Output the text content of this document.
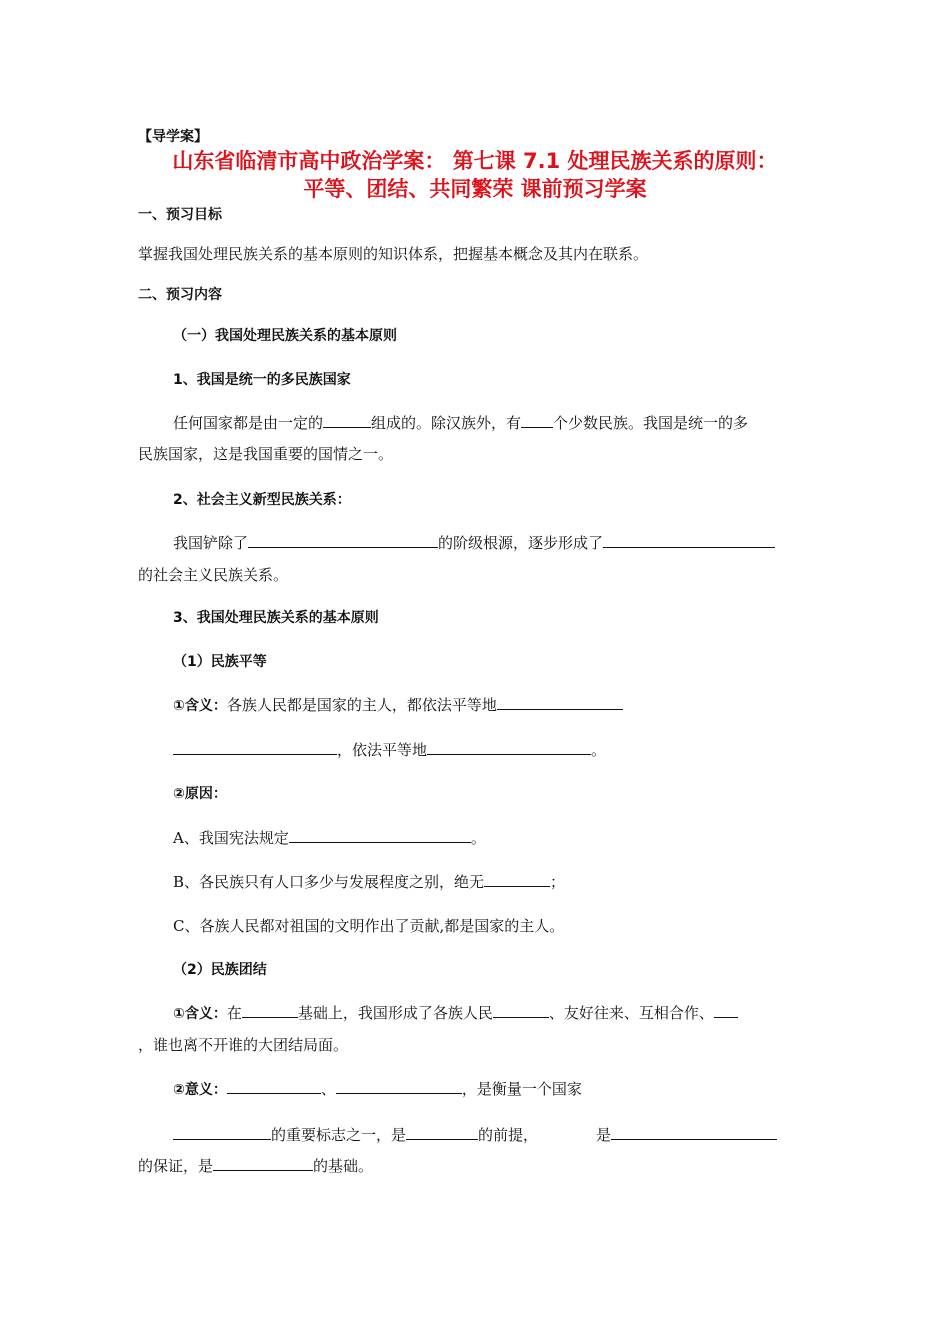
【导学案】
山东省临清市高中政治学案： 第七课 7.1 处理民族关系的原则：
平等、团结、共同繁荣 课前预习学案
一、预习目标
掌握我国处理民族关系的基本原则的知识体系，把握基本概念及其内在联系。
二、预习内容
（一）我国处理民族关系的基本原则
1、我国是统一的多民族国家
任何国家都是由一定的	组成的。除汉族外，有 个少数民族。我国是统一的多
民族国家，这是我国重要的国情之一。
2、社会主义新型民族关系：
我国铲除了	的阶级根源，逐步形成了
的社会主义民族关系。
3、我国处理民族关系的基本原则
（1）民族平等
①含义：各族人民都是国家的主人，都依法平等地
，依法平等地	。
②原因：
A、我国宪法规定	。
B、各民族只有人口多少与发展程度之别，绝无	；
C、各族人民都对祖国的文明作出了贡献,都是国家的主人。
（2）民族团结
①含义：在	基础上，我国形成了各族人民	、友好往来、互相合作、
，谁也离不开谁的大团结局面。
②意义：	、	，是衡量一个国家
的重要标志之一，是	的前提，	是
的保证，是	的基础。
